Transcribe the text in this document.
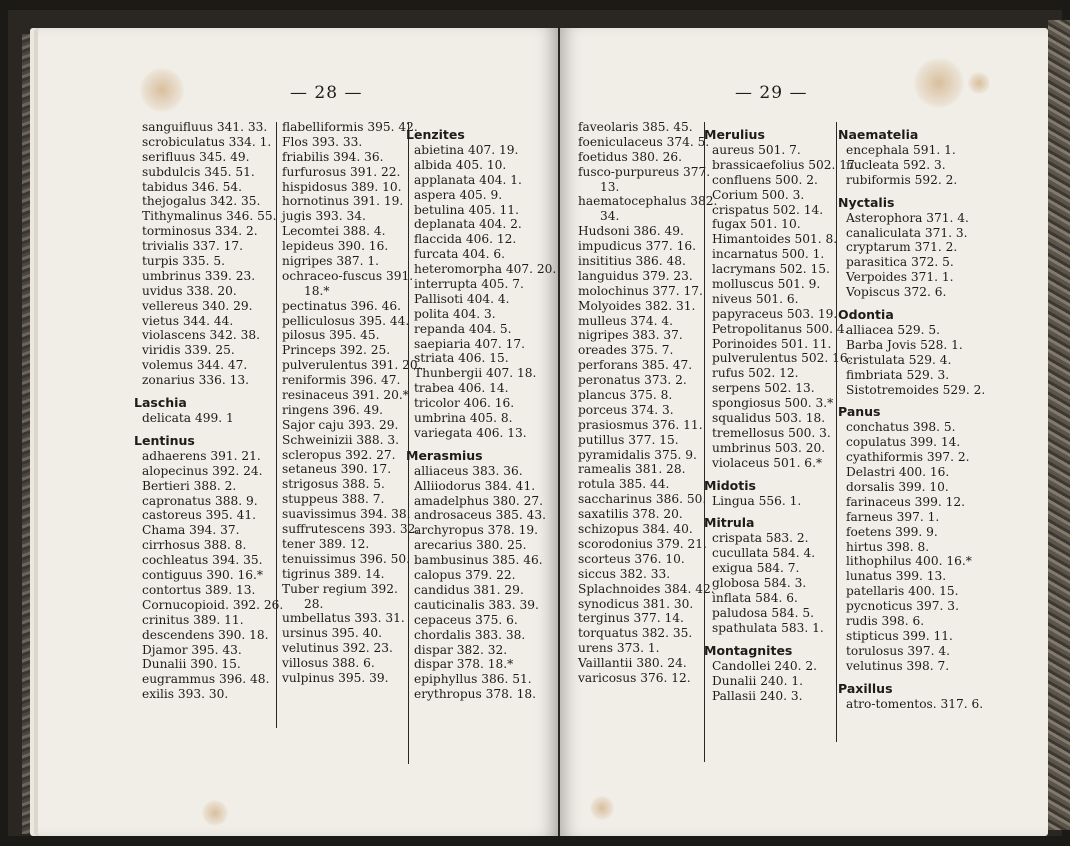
— 28 —
sanguifluus 341. 33.
scrobiculatus 334. 1.
serifluus 345. 49.
subdulcis 345. 51.
tabidus 346. 54.
thejogalus 342. 35.
Tithymalinus 346. 55.
torminosus 334. 2.
trivialis 337. 17.
turpis 335. 5.
umbrinus 339. 23.
uvidus 338. 20.
vellereus 340. 29.
vietus 344. 44.
violascens 342. 38.
viridis 339. 25.
volemus 344. 47.
zonarius 336. 13.
Laschia
delicata 499. 1
Lentinus
adhaerens 391. 21.
alopecinus 392. 24.
Bertieri 388. 2.
capronatus 388. 9.
castoreus 395. 41.
Chama 394. 37.
cirrhosus 388. 8.
cochleatus 394. 35.
contiguus 390. 16.*
contortus 389. 13.
Cornucopioid. 392. 26.
crinitus 389. 11.
descendens 390. 18.
Djamor 395. 43.
Dunalii 390. 15.
eugrammus 396. 48.
exilis 393. 30.
flabelliformis 395. 42.
Flos 393. 33.
friabilis 394. 36.
furfurosus 391. 22.
hispidosus 389. 10.
hornotinus 391. 19.
jugis 393. 34.
Lecomtei 388. 4.
lepideus 390. 16.
nigripes 387. 1.
ochraceo-fuscus 391.
18.*
pectinatus 396. 46.
pelliculosus 395. 44.
pilosus 395. 45.
Princeps 392. 25.
pulverulentus 391. 20.
reniformis 396. 47.
resinaceus 391. 20.*
ringens 396. 49.
Sajor caju 393. 29.
Schweinizii 388. 3.
scleropus 392. 27.
setaneus 390. 17.
strigosus 388. 5.
stuppeus 388. 7.
suavissimus 394. 38.
suffrutescens 393. 32.
tener 389. 12.
tenuissimus 396. 50.
tigrinus 389. 14.
Tuber regium 392.
28.
umbellatus 393. 31.
ursinus 395. 40.
velutinus 392. 23.
villosus 388. 6.
vulpinus 395. 39.
Lenzites
abietina 407. 19.
albida 405. 10.
applanata 404. 1.
aspera 405. 9.
betulina 405. 11.
deplanata 404. 2.
flaccida 406. 12.
furcata 404. 6.
heteromorpha 407. 20.
interrupta 405. 7.
Pallisoti 404. 4.
polita 404. 3.
repanda 404. 5.
saepiaria 407. 17.
striata 406. 15.
Thunbergii 407. 18.
trabea 406. 14.
tricolor 406. 16.
umbrina 405. 8.
variegata 406. 13.
Merasmius
alliaceus 383. 36.
Alliiodorus 384. 41.
amadelphus 380. 27.
androsaceus 385. 43.
archyropus 378. 19.
arecarius 380. 25.
bambusinus 385. 46.
calopus 379. 22.
candidus 381. 29.
cauticinalis 383. 39.
cepaceus 375. 6.
chordalis 383. 38.
dispar 382. 32.
dispar 378. 18.*
epiphyllus 386. 51.
erythropus 378. 18.
— 29 —
faveolaris 385. 45.
foeniculaceus 374. 5.
foetidus 380. 26.
fusco-purpureus 377.
13.
haematocephalus 382.
34.
Hudsoni 386. 49.
impudicus 377. 16.
insititius 386. 48.
languidus 379. 23.
molochinus 377. 17.
Molyoides 382. 31.
mulleus 374. 4.
nigripes 383. 37.
oreades 375. 7.
perforans 385. 47.
peronatus 373. 2.
plancus 375. 8.
porceus 374. 3.
prasiosmus 376. 11.
putillus 377. 15.
pyramidalis 375. 9.
ramealis 381. 28.
rotula 385. 44.
saccharinus 386. 50.
saxatilis 378. 20.
schizopus 384. 40.
scorodonius 379. 21.
scorteus 376. 10.
siccus 382. 33.
Splachnoides 384. 42.
synodicus 381. 30.
terginus 377. 14.
torquatus 382. 35.
urens 373. 1.
Vaillantii 380. 24.
varicosus 376. 12.
Merulius
aureus 501. 7.
brassicaefolius 502. 17.
confluens 500. 2.
Corium 500. 3.
crispatus 502. 14.
fugax 501. 10.
Himantoides 501. 8.
incarnatus 500. 1.
lacrymans 502. 15.
molluscus 501. 9.
niveus 501. 6.
papyraceus 503. 19.
Petropolitanus 500. 4.
Porinoides 501. 11.
pulverulentus 502. 16.
rufus 502. 12.
serpens 502. 13.
spongiosus 500. 3.*
squalidus 503. 18.
tremellosus 500. 3.
umbrinus 503. 20.
violaceus 501. 6.*
Midotis
Lingua 556. 1.
Mitrula
crispata 583. 2.
cucullata 584. 4.
exigua 584. 7.
globosa 584. 3.
inflata 584. 6.
paludosa 584. 5.
spathulata 583. 1.
Montagnites
Candollei 240. 2.
Dunalii 240. 1.
Pallasii 240. 3.
Naematelia
encephala 591. 1.
nucleata 592. 3.
rubiformis 592. 2.
Nyctalis
Asterophora 371. 4.
canaliculata 371. 3.
cryptarum 371. 2.
parasitica 372. 5.
Verpoides 371. 1.
Vopiscus 372. 6.
Odontia
alliacea 529. 5.
Barba Jovis 528. 1.
cristulata 529. 4.
fimbriata 529. 3.
Sistotremoides 529. 2.
Panus
conchatus 398. 5.
copulatus 399. 14.
cyathiformis 397. 2.
Delastri 400. 16.
dorsalis 399. 10.
farinaceus 399. 12.
farneus 397. 1.
foetens 399. 9.
hirtus 398. 8.
lithophilus 400. 16.*
lunatus 399. 13.
patellaris 400. 15.
pycnoticus 397. 3.
rudis 398. 6.
stipticus 399. 11.
torulosus 397. 4.
velutinus 398. 7.
Paxillus
atro-tomentos. 317. 6.
